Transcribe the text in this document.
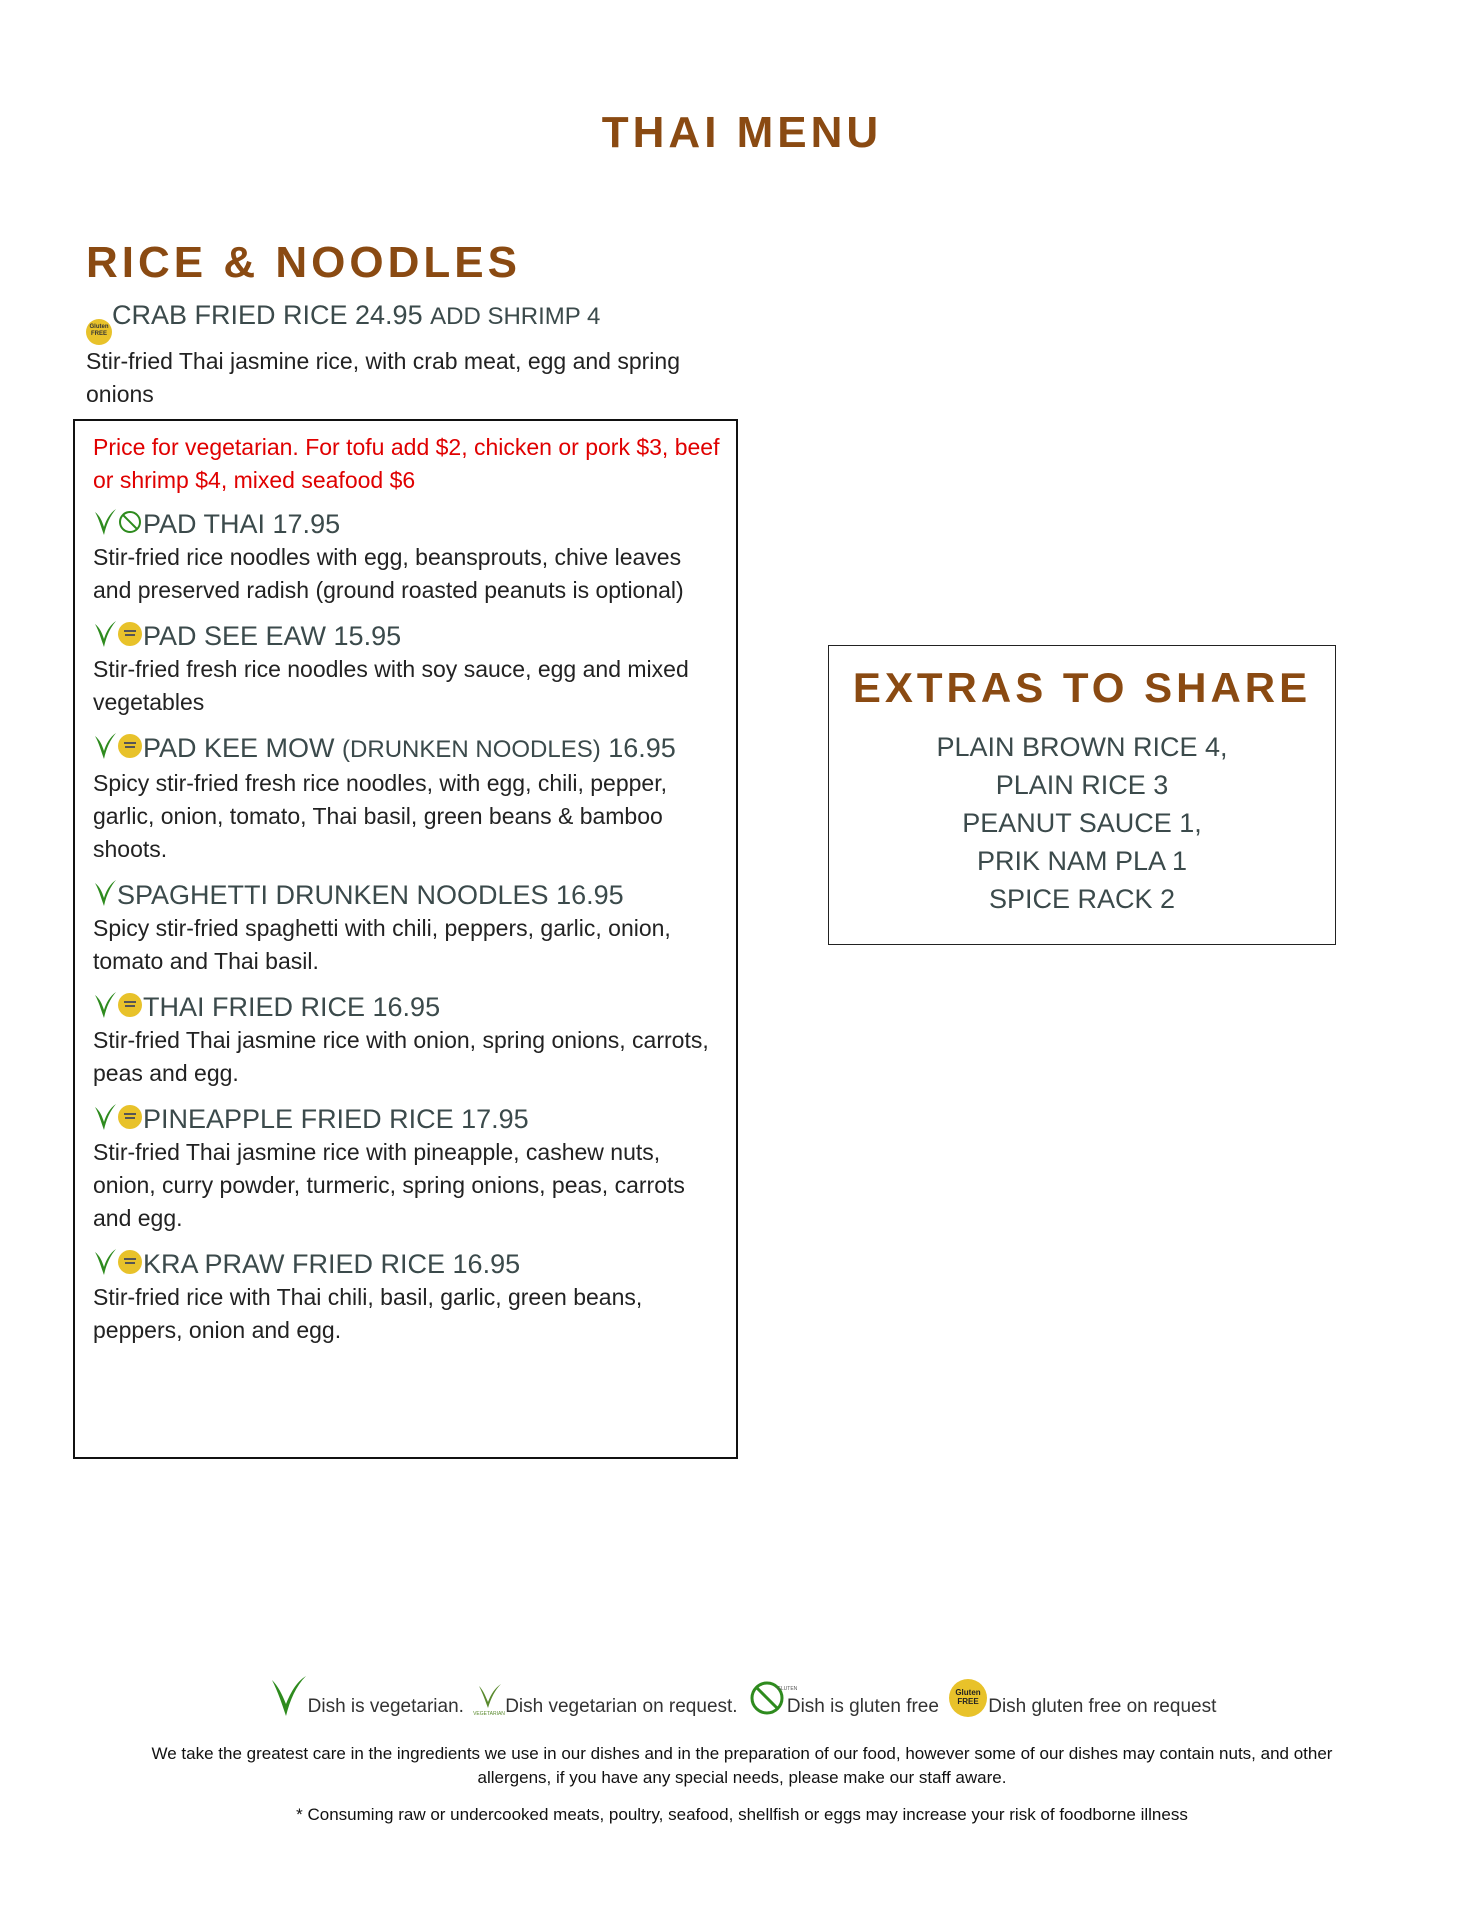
THAI MENU
RICE & NOODLES
Gluten
FREE
CRAB FRIED RICE 24.95 ADD SHRIMP 4
Stir-fried Thai jasmine rice, with crab meat, egg and spring onions
Price for vegetarian. For tofu add $2, chicken or pork $3, beef or shrimp $4, mixed seafood $6
PAD THAI 17.95
Stir-fried rice noodles with egg, beansprouts, chive leaves and preserved radish (ground roasted peanuts is optional)
PAD SEE EAW 15.95
Stir-fried fresh rice noodles with soy sauce, egg and mixed vegetables
PAD KEE MOW (DRUNKEN NOODLES) 16.95
Spicy stir-fried fresh rice noodles, with egg, chili, pepper, garlic, onion, tomato, Thai basil, green beans & bamboo shoots.
SPAGHETTI DRUNKEN NOODLES 16.95
Spicy stir-fried spaghetti with chili, peppers, garlic, onion, tomato and Thai basil.
THAI FRIED RICE 16.95
Stir-fried Thai jasmine rice with onion, spring onions, carrots, peas and egg.
PINEAPPLE FRIED RICE 17.95
Stir-fried Thai jasmine rice with pineapple, cashew nuts, onion, curry powder, turmeric, spring onions, peas, carrots and egg.
KRA PRAW FRIED RICE 16.95
Stir-fried rice with Thai chili, basil, garlic, green beans, peppers, onion and egg.
EXTRAS TO SHARE
PLAIN BROWN RICE 4,
PLAIN RICE 3
PEANUT SAUCE 1,
PRIK NAM PLA 1
SPICE RACK 2
Dish is vegetarian.
VEGETARIAN Dish vegetarian on request.

GLUTEN
Dish is gluten free

Gluten
FREE Dish gluten free on request
We take the greatest care in the ingredients we use in our dishes and in the preparation of our food, however some of our dishes may contain nuts, and other allergens, if you have any special needs, please make our staff aware.
* Consuming raw or undercooked meats, poultry, seafood, shellfish or eggs may increase your risk of foodborne illness
